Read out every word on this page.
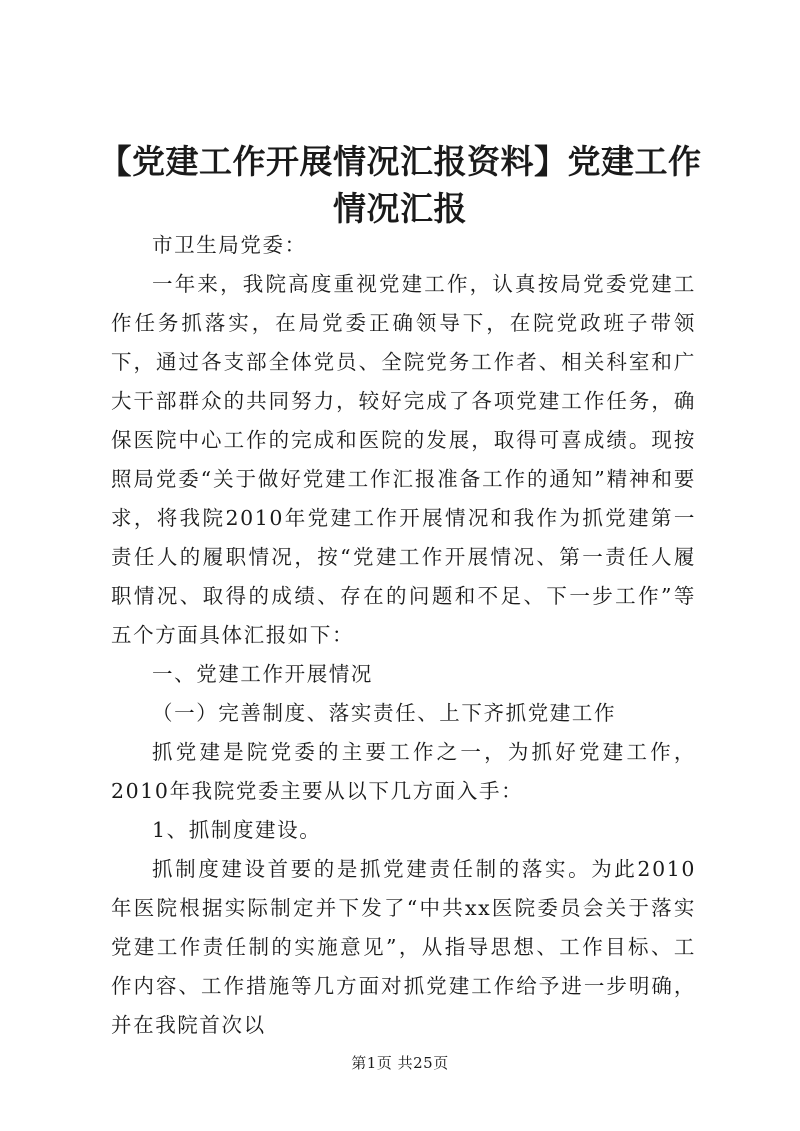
【党建工作开展情况汇报资料】党建工作情况汇报

市卫生局党委：

一年来，我院高度重视党建工作，认真按局党委党建工作任务抓落实，在局党委正确领导下，在院党政班子带领下，通过各支部全体党员、全院党务工作者、相关科室和广大干部群众的共同努力，较好完成了各项党建工作任务，确保医院中心工作的完成和医院的发展，取得可喜成绩。现按照局党委“关于做好党建工作汇报准备工作的通知”精神和要求，将我院2010年党建工作开展情况和我作为抓党建第一责任人的履职情况，按“党建工作开展情况、第一责任人履职情况、取得的成绩、存在的问题和不足、下一步工作”等五个方面具体汇报如下：

一、党建工作开展情况

（一）完善制度、落实责任、上下齐抓党建工作

抓党建是院党委的主要工作之一，为抓好党建工作，2010年我院党委主要从以下几方面入手：

1、抓制度建设。

抓制度建设首要的是抓党建责任制的落实。为此2010年医院根据实际制定并下发了“中共xx医院委员会关于落实党建工作责任制的实施意见”，从指导思想、工作目标、工作内容、工作措施等几方面对抓党建工作给予进一步明确，并在我院首次以

第1页 共25页
